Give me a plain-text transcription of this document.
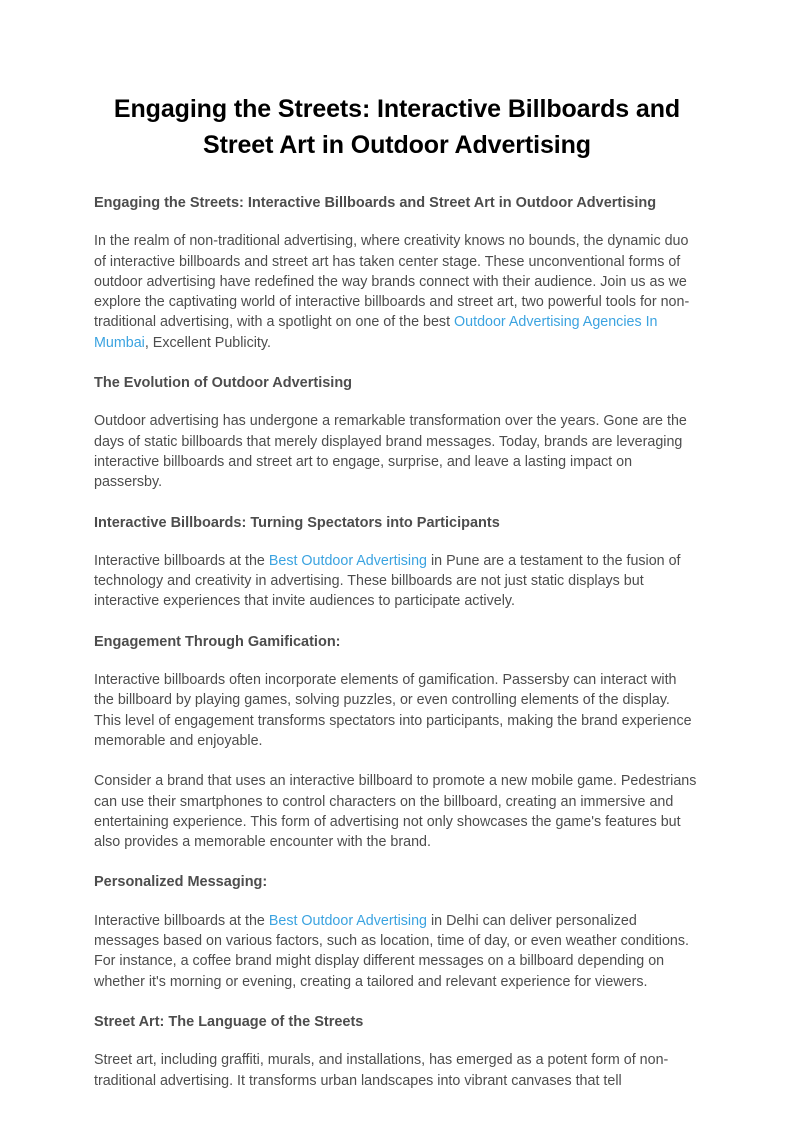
Engaging the Streets: Interactive Billboards and Street Art in Outdoor Advertising
Engaging the Streets: Interactive Billboards and Street Art in Outdoor Advertising

In the realm of non-traditional advertising, where creativity knows no bounds, the dynamic duo of interactive billboards and street art has taken center stage. These unconventional forms of outdoor advertising have redefined the way brands connect with their audience. Join us as we explore the captivating world of interactive billboards and street art, two powerful tools for non-traditional advertising, with a spotlight on one of the best Outdoor Advertising Agencies In Mumbai, Excellent Publicity.

The Evolution of Outdoor Advertising

Outdoor advertising has undergone a remarkable transformation over the years. Gone are the days of static billboards that merely displayed brand messages. Today, brands are leveraging interactive billboards and street art to engage, surprise, and leave a lasting impact on passersby.

Interactive Billboards: Turning Spectators into Participants

Interactive billboards at the Best Outdoor Advertising in Pune are a testament to the fusion of technology and creativity in advertising. These billboards are not just static displays but interactive experiences that invite audiences to participate actively.

Engagement Through Gamification:

Interactive billboards often incorporate elements of gamification. Passersby can interact with the billboard by playing games, solving puzzles, or even controlling elements of the display. This level of engagement transforms spectators into participants, making the brand experience memorable and enjoyable.

Consider a brand that uses an interactive billboard to promote a new mobile game. Pedestrians can use their smartphones to control characters on the billboard, creating an immersive and entertaining experience. This form of advertising not only showcases the game's features but also provides a memorable encounter with the brand.

Personalized Messaging:

Interactive billboards at the Best Outdoor Advertising in Delhi can deliver personalized messages based on various factors, such as location, time of day, or even weather conditions. For instance, a coffee brand might display different messages on a billboard depending on whether it's morning or evening, creating a tailored and relevant experience for viewers.

Street Art: The Language of the Streets

Street art, including graffiti, murals, and installations, has emerged as a potent form of non-traditional advertising. It transforms urban landscapes into vibrant canvases that tell
